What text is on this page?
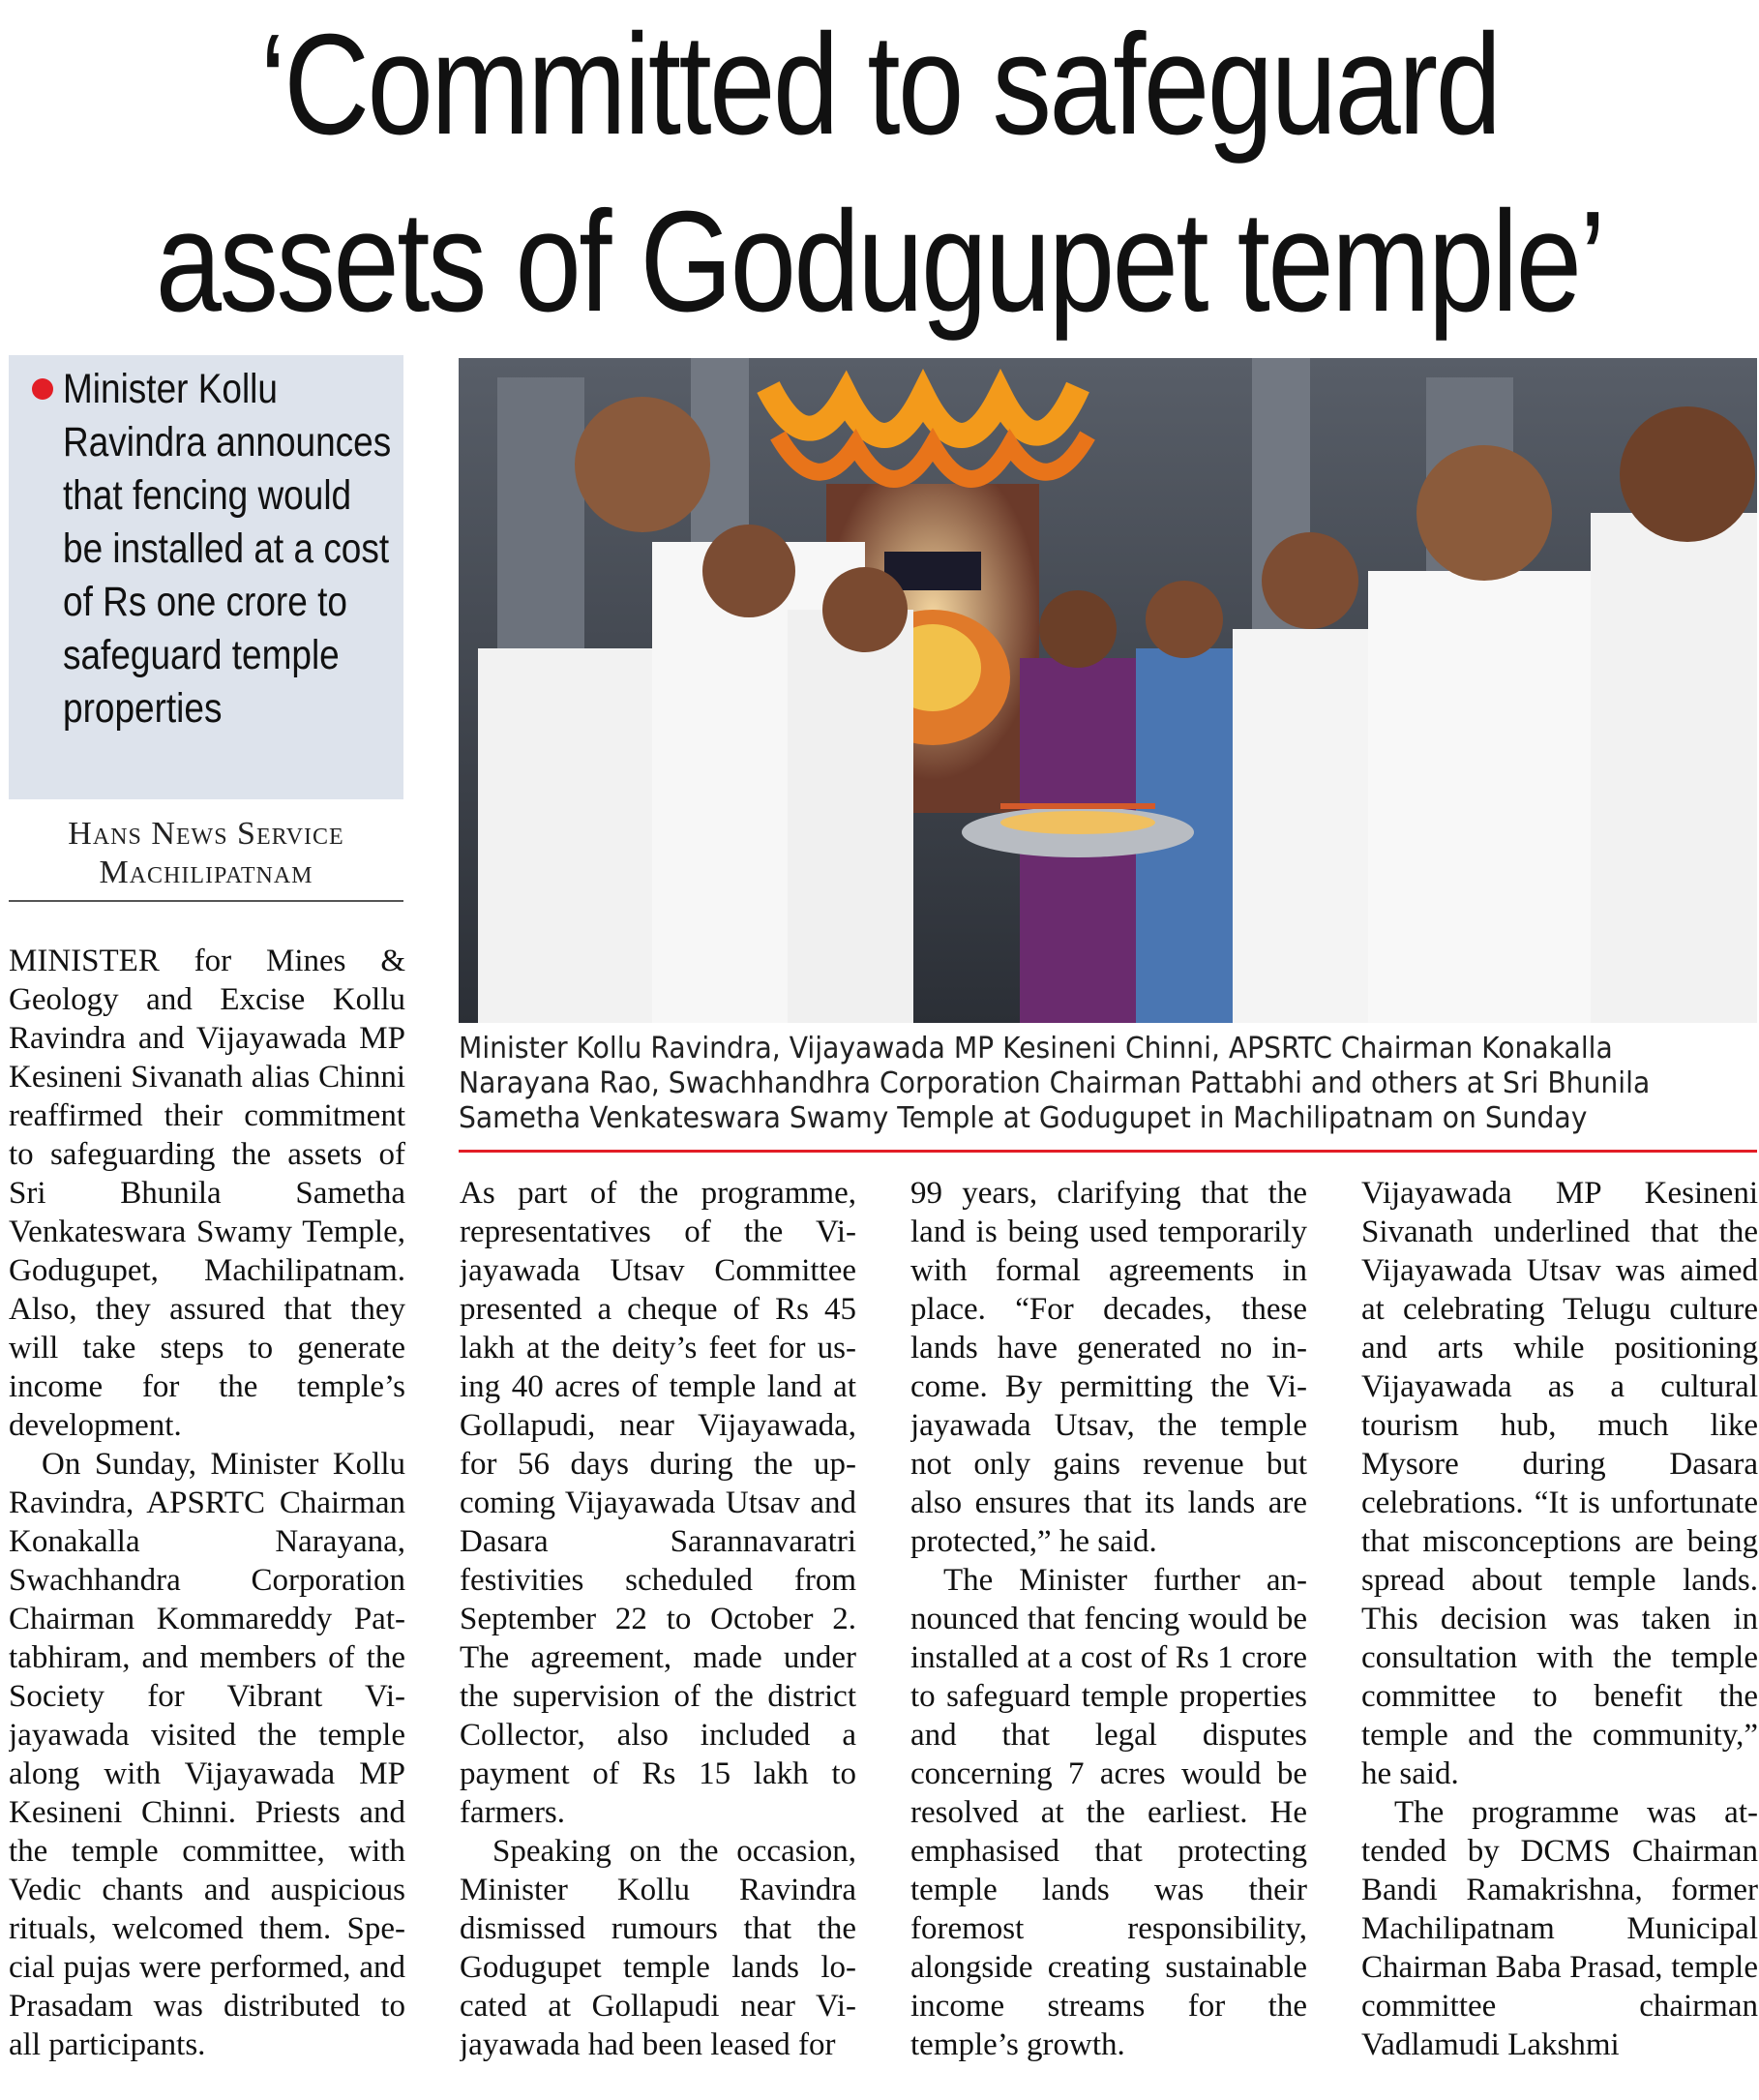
‘Committed to safeguard
assets of Godugupet temple’
Minister Kollu Ravindra announces that fencing would be installed at a cost of Rs one crore to safeguard temple properties
Hans News Service
Machilipatnam
Minister Kollu Ravindra, Vijayawada MP Kesineni Chinni, APSRTC Chairman Konakalla Narayana Rao, Swachhandhra Corporation Chairman Pattabhi and others at Sri Bhunila Sametha Venkateswara Swamy Temple at Godugupet in Machilipatnam on Sunday

MINISTER for Mines & Geology and Excise Kollu Ravindra and Vijayawada MP Kesineni Sivanath alias Chinni reaffirmed their commitment to safeguarding the assets of Sri Bhunila Sametha Venkateswara Swamy Temple, Godugupet, Machilipatnam. Also, they assured that they will take steps to generate income for the temple’s development.

On Sunday, Minister Kollu Ravindra, APSRTC Chairman Konakalla Narayana, Swachhandra Corporation Chairman Kommareddy Pattabhiram, and members of the Society for Vibrant Vijayawada visited the temple along with Vijayawada MP Kesineni Chinni. Priests and the temple committee, with Vedic chants and auspicious rituals, welcomed them. Special pujas were performed, and Prasadam was distributed to all participants.

As part of the programme, representatives of the Vijayawada Utsav Committee presented a cheque of Rs 45 lakh at the deity’s feet for using 40 acres of temple land at Gollapudi, near Vijayawada, for 56 days during the upcoming Vijayawada Utsav and Dasara Sarannavaratri festivities scheduled from September 22 to October 2. The agreement, made under the supervision of the district Collector, also included a payment of Rs 15 lakh to farmers.

Speaking on the occasion, Minister Kollu Ravindra dismissed rumours that the Godugupet temple lands located at Gollapudi near Vijayawada had been leased for

99 years, clarifying that the land is being used temporarily with formal agreements in place. “For decades, these lands have generated no income. By permitting the Vijayawada Utsav, the temple not only gains revenue but also ensures that its lands are protected,” he said.

The Minister further announced that fencing would be installed at a cost of Rs 1 crore to safeguard temple properties and that legal disputes concerning 7 acres would be resolved at the earliest. He emphasised that protecting temple lands was their foremost responsibility, alongside creating sustainable income streams for the temple’s growth.

Vijayawada MP Kesineni Sivanath underlined that the Vijayawada Utsav was aimed at celebrating Telugu culture and arts while positioning Vijayawada as a cultural tourism hub, much like Mysore during Dasara celebrations. “It is unfortunate that misconceptions are being spread about temple lands. This decision was taken in consultation with the temple committee to benefit the temple and the community,” he said.

The programme was attended by DCMS Chairman Bandi Ramakrishna, former Machilipatnam Municipal Chairman Baba Prasad, temple committee chairman Vadlamudi Lakshmi
